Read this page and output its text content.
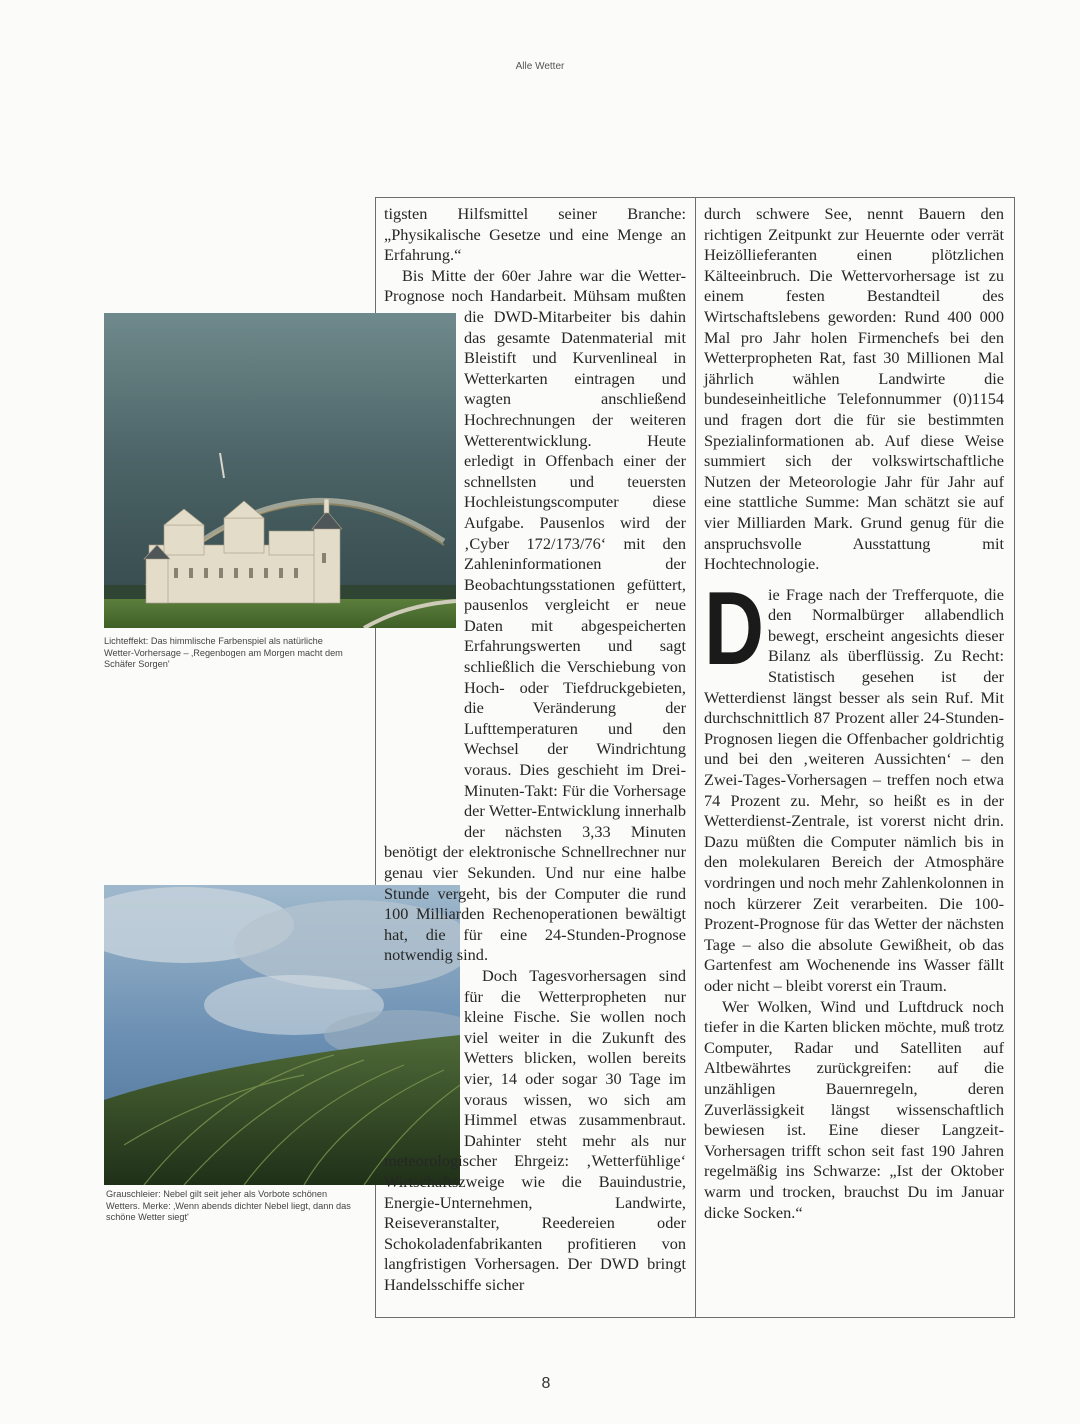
Alle Wetter
Lichteffekt: Das himmlische Farbenspiel als natürliche Wetter-Vorhersage – ‚Regenbogen am Morgen macht dem Schäfer Sorgen'
Grauschleier: Nebel gilt seit jeher als Vorbote schönen Wetters. Merke: ‚Wenn abends dichter Nebel liegt, dann das schöne Wetter siegt'

tigsten Hilfsmittel seiner Branche: „Physikalische Gesetze und eine Menge an Erfahrung.“

Bis Mitte der 60er Jahre war die Wetter-Prognose noch Handarbeit. Mühsam mußten die DWD-Mitarbeiter bis dahin das gesamte Datenmaterial mit Bleistift und Kurvenlineal in Wetterkarten eintragen und wagten anschließend Hochrechnungen der weiteren Wetterentwicklung. Heute erledigt in Offenbach einer der schnellsten und teuersten Hochleistungscomputer diese Aufgabe. Pausenlos wird der ‚Cyber 172/173/76‘ mit den Zahleninformationen der Beobachtungsstationen gefüttert, pausenlos vergleicht er neue Daten mit abgespeicherten Erfahrungswerten und sagt schließlich die Verschiebung von Hoch- oder Tiefdruckgebieten, die Veränderung der Lufttemperaturen und den Wechsel der Windrichtung voraus. Dies geschieht im Drei-Minuten-Takt: Für die Vorhersage der Wetter-Entwicklung innerhalb der nächsten 3,33 Minuten benötigt der elektronische Schnellrechner nur genau vier Sekunden. Und nur eine halbe Stunde vergeht, bis der Computer die rund 100 Milliarden Rechenoperationen bewältigt hat, die für eine 24-Stunden-Prognose notwendig sind.

Doch Tagesvorhersagen sind für die Wetterpropheten nur kleine Fische. Sie wollen noch viel weiter in die Zukunft des Wetters blicken, wollen bereits vier, 14 oder sogar 30 Tage im voraus wissen, wo sich am Himmel etwas zusammenbraut. Dahinter steht mehr als nur meteorologischer Ehrgeiz: ‚Wetterfühlige‘ Wirtschaftszweige wie die Bauindustrie, Energie-Unternehmen, Landwirte, Reiseveranstalter, Reedereien oder Schokoladenfabrikanten profitieren von langfristigen Vorhersagen. Der DWD bringt Handelsschiffe sicher

durch schwere See, nennt Bauern den richtigen Zeitpunkt zur Heuernte oder verrät Heizöllieferanten einen plötzlichen Kälteeinbruch. Die Wettervorhersage ist zu einem festen Bestandteil des Wirtschaftslebens geworden: Rund 400 000 Mal pro Jahr holen Firmenchefs bei den Wetterpropheten Rat, fast 30 Millionen Mal jährlich wählen Landwirte die bundeseinheitliche Telefonnummer (0)1154 und fragen dort die für sie bestimmten Spezialinformationen ab. Auf diese Weise summiert sich der volkswirtschaftliche Nutzen der Meteorologie Jahr für Jahr auf eine stattliche Summe: Man schätzt sie auf vier Milliarden Mark. Grund genug für die anspruchsvolle Ausstattung mit Hochtechnologie.

D ie Frage nach der Trefferquote, die den Normalbürger allabendlich bewegt, erscheint angesichts dieser Bilanz als überflüssig. Zu Recht: Statistisch gesehen ist der Wetterdienst längst besser als sein Ruf. Mit durchschnittlich 87 Prozent aller 24-Stunden-Prognosen liegen die Offenbacher goldrichtig und bei den ‚weiteren Aussichten‘ – den Zwei-Tages-Vorhersagen – treffen noch etwa 74 Prozent zu. Mehr, so heißt es in der Wetterdienst-Zentrale, ist vorerst nicht drin. Dazu müßten die Computer nämlich bis in den molekularen Bereich der Atmosphäre vordringen und noch mehr Zahlenkolonnen in noch kürzerer Zeit verarbeiten. Die 100-Prozent-Prognose für das Wetter der nächsten Tage – also die absolute Gewißheit, ob das Gartenfest am Wochenende ins Wasser fällt oder nicht – bleibt vorerst ein Traum.

Wer Wolken, Wind und Luftdruck noch tiefer in die Karten blicken möchte, muß trotz Computer, Radar und Satelliten auf Altbewährtes zurückgreifen: auf die unzähligen Bauernregeln, deren Zuverlässigkeit längst wissenschaftlich bewiesen ist. Eine dieser Langzeit-Vorhersagen trifft schon seit fast 190 Jahren regelmäßig ins Schwarze: „Ist der Oktober warm und trocken, brauchst Du im Januar dicke Socken.“

8
